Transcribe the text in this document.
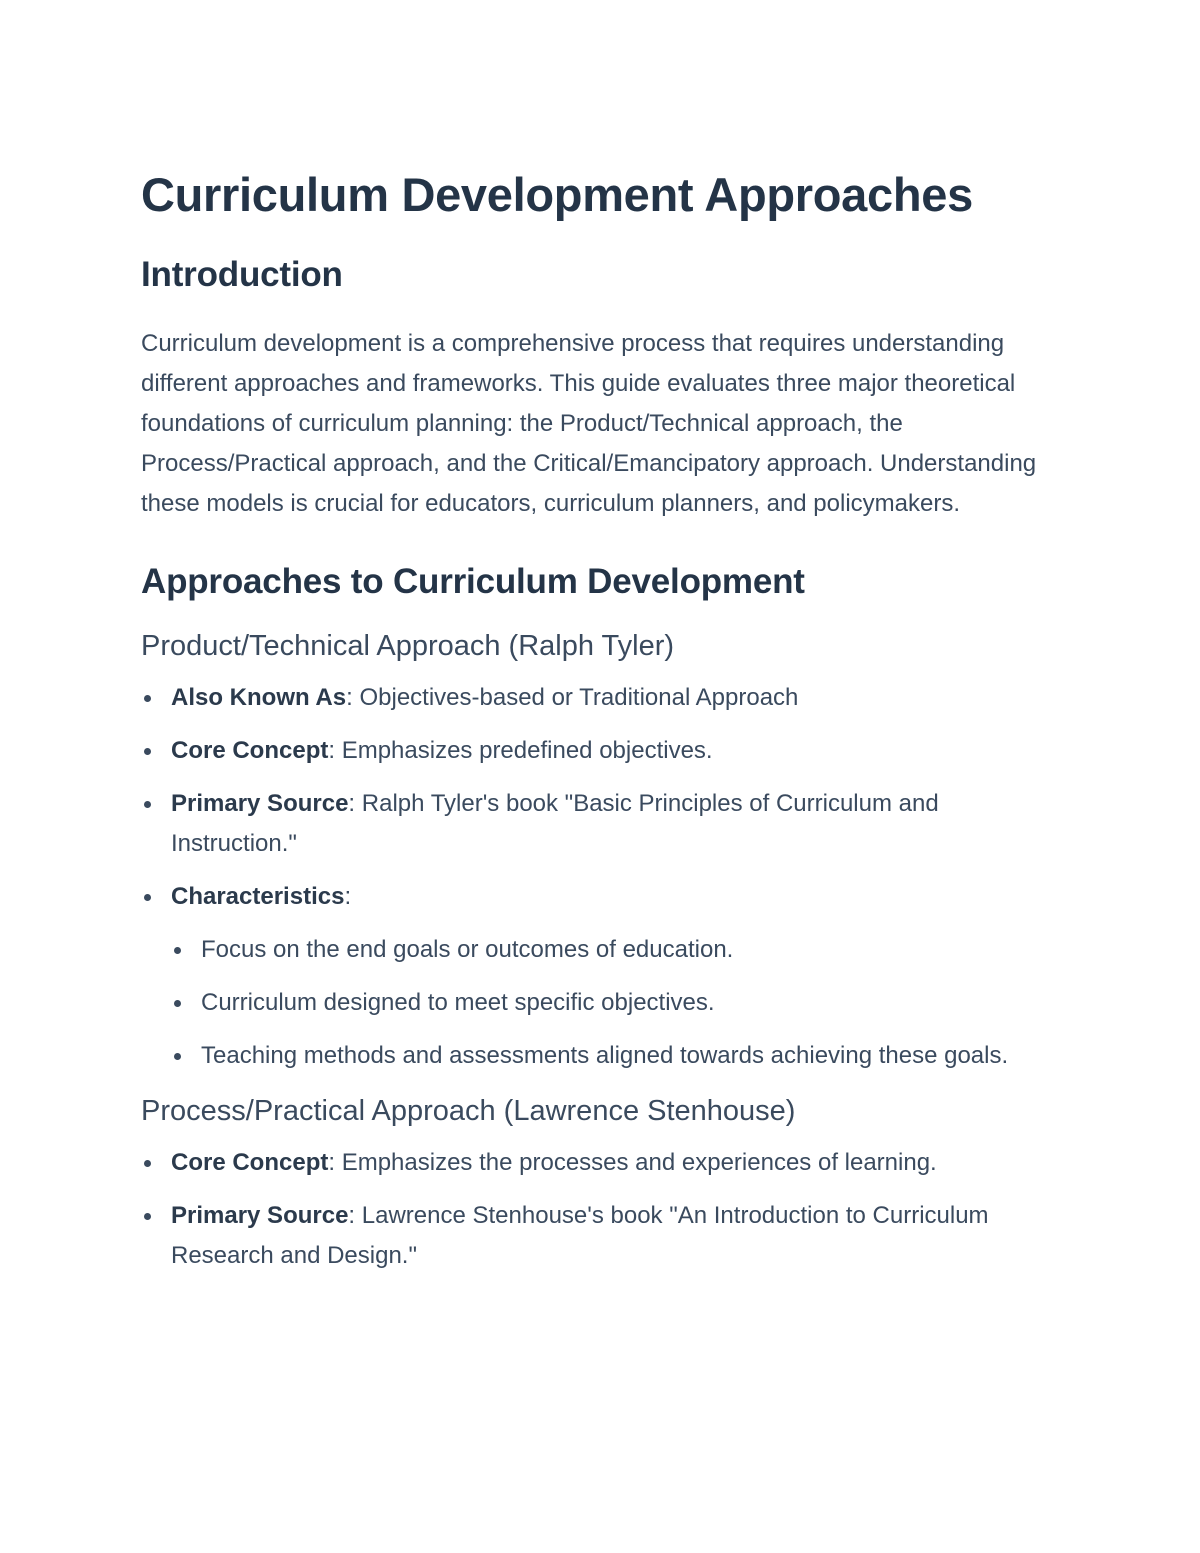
Curriculum Development Approaches
Introduction

Curriculum development is a comprehensive process that requires understanding different approaches and frameworks. This guide evaluates three major theoretical foundations of curriculum planning: the Product/Technical approach, the Process/Practical approach, and the Critical/Emancipatory approach. Understanding these models is crucial for educators, curriculum planners, and policymakers.

Approaches to Curriculum Development
Product/Technical Approach (Ralph Tyler)
Also Known As: Objectives-based or Traditional Approach
Core Concept: Emphasizes predefined objectives.
Primary Source: Ralph Tyler's book "Basic Principles of Curriculum and Instruction."
Characteristics:
Focus on the end goals or outcomes of education.
Curriculum designed to meet specific objectives.
Teaching methods and assessments aligned towards achieving these goals.
Process/Practical Approach (Lawrence Stenhouse)
Core Concept: Emphasizes the processes and experiences of learning.
Primary Source: Lawrence Stenhouse's book "An Introduction to Curriculum Research and Design."
